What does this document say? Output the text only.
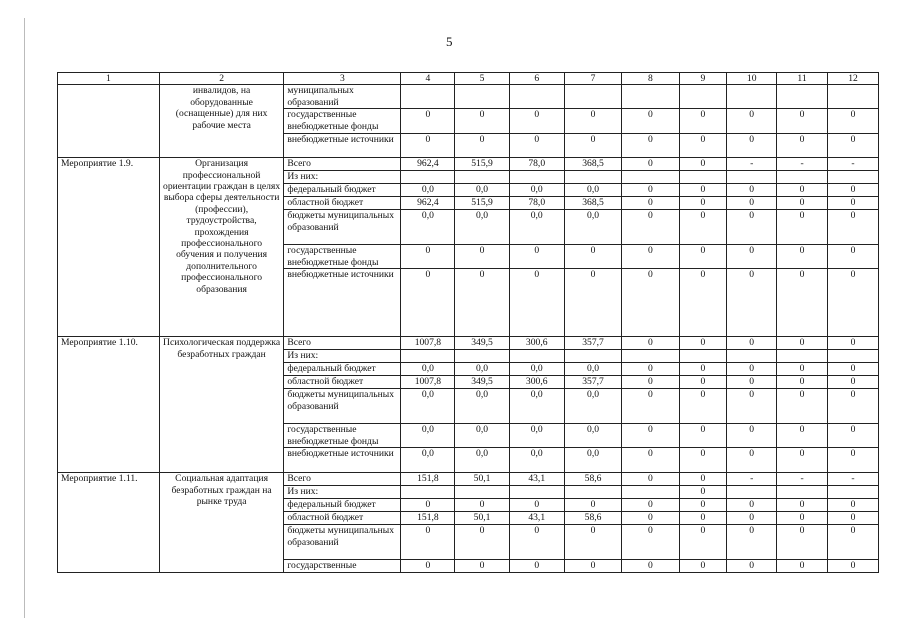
5
1	2	3	4	5	6	7	8	9	10	11	12
	инвалидов, на оборудованные (оснащенные) для них рабочие места	муниципальных образований									
		государственные внебюджетные фонды	0	0	0	0	0	0	0	0	0
		внебюджетные источники	0	0	0	0	0	0	0	0	0
Мероприятие 1.9.	Организация профессиональной ориентации граждан в целях выбора сферы деятельности (профессии), трудоустройства, прохождения профессионального обучения и получения дополнительного профессионального образования	Всего	962,4	515,9	78,0	368,5	0	0	-	-	-
		Из них:									
		федеральный бюджет	0,0	0,0	0,0	0,0	0	0	0	0	0
		областной бюджет	962,4	515,9	78,0	368,5	0	0	0	0	0
		бюджеты муниципальных образований	0,0	0,0	0,0	0,0	0	0	0	0	0
		государственные внебюджетные фонды	0	0	0	0	0	0	0	0	0
		внебюджетные источники	0	0	0	0	0	0	0	0	0
Мероприятие 1.10.	Психологическая поддержка безработных граждан	Всего	1007,8	349,5	300,6	357,7	0	0	0	0	0
		Из них:									
		федеральный бюджет	0,0	0,0	0,0	0,0	0	0	0	0	0
		областной бюджет	1007,8	349,5	300,6	357,7	0	0	0	0	0
		бюджеты муниципальных образований	0,0	0,0	0,0	0,0	0	0	0	0	0
		государственные внебюджетные фонды	0,0	0,0	0,0	0,0	0	0	0	0	0
		внебюджетные источники	0,0	0,0	0,0	0,0	0	0	0	0	0
Мероприятие 1.11.	Социальная адаптация безработных граждан на рынке труда	Всего	151,8	50,1	43,1	58,6	0	0	-	-	-
		Из них:						0			
		федеральный бюджет	0	0	0	0	0	0	0	0	0
		областной бюджет	151,8	50,1	43,1	58,6	0	0	0	0	0
		бюджеты муниципальных образований	0	0	0	0	0	0	0	0	0
		государственные	0	0	0	0	0	0	0	0	0
